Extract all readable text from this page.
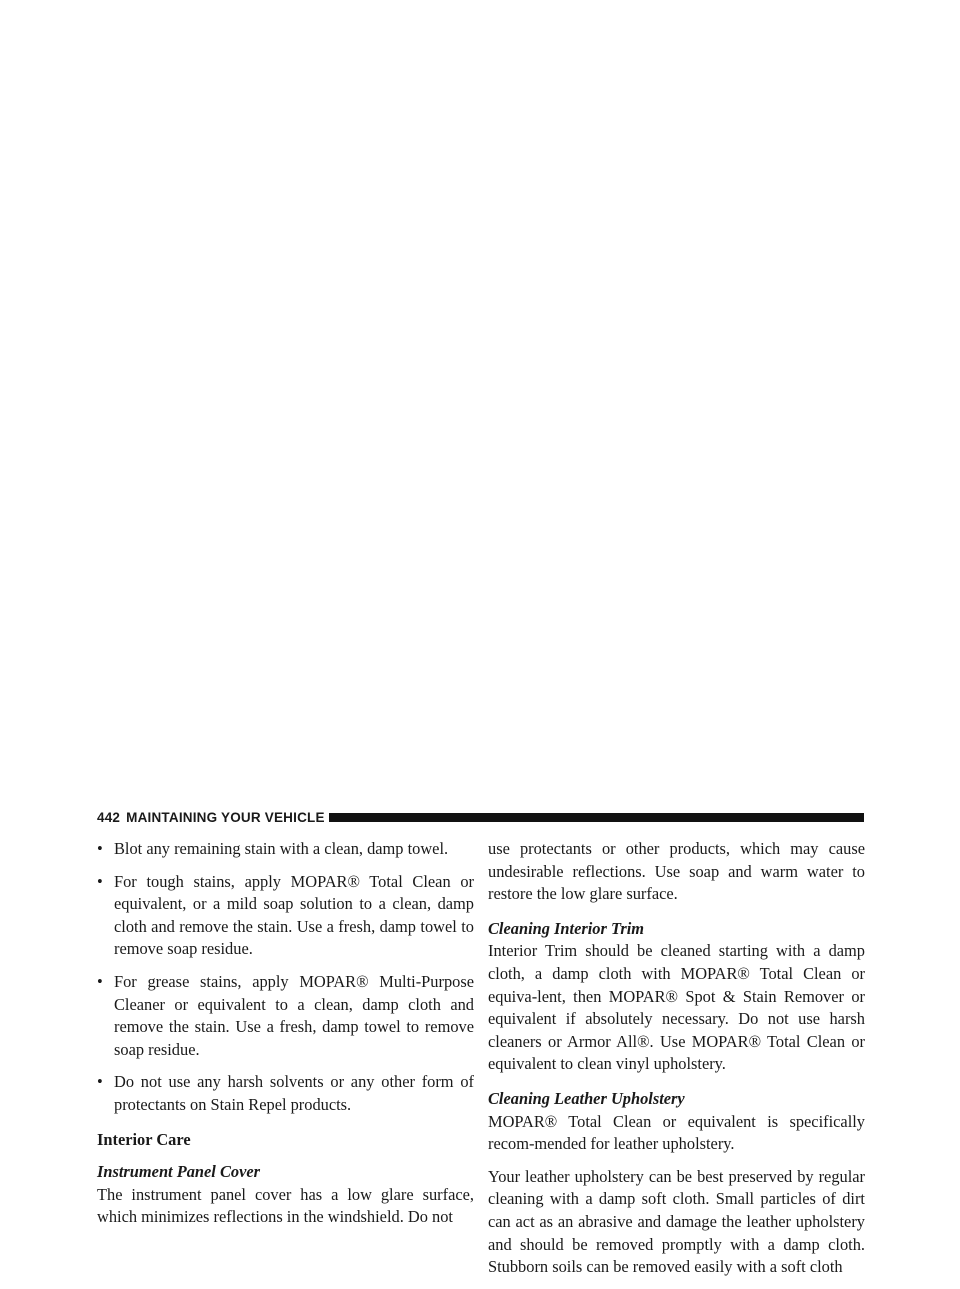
442 MAINTAINING YOUR VEHICLE
• Blot any remaining stain with a clean, damp towel.
• For tough stains, apply MOPAR® Total Clean or equivalent, or a mild soap solution to a clean, damp cloth and remove the stain. Use a fresh, damp towel to remove soap residue.
• For grease stains, apply MOPAR® Multi-Purpose Cleaner or equivalent to a clean, damp cloth and remove the stain. Use a fresh, damp towel to remove soap residue.
• Do not use any harsh solvents or any other form of protectants on Stain Repel products.

Interior Care

Instrument Panel Cover

The instrument panel cover has a low glare surface, which minimizes reflections in the windshield. Do not

use protectants or other products, which may cause undesirable reflections. Use soap and warm water to restore the low glare surface.

Cleaning Interior Trim

Interior Trim should be cleaned starting with a damp cloth, a damp cloth with MOPAR® Total Clean or equiva-lent, then MOPAR® Spot & Stain Remover or equivalent if absolutely necessary. Do not use harsh cleaners or Armor All®. Use MOPAR® Total Clean or equivalent to clean vinyl upholstery.

Cleaning Leather Upholstery

MOPAR® Total Clean or equivalent is specifically recom-mended for leather upholstery.

Your leather upholstery can be best preserved by regular cleaning with a damp soft cloth. Small particles of dirt can act as an abrasive and damage the leather upholstery and should be removed promptly with a damp cloth. Stubborn soils can be removed easily with a soft cloth
